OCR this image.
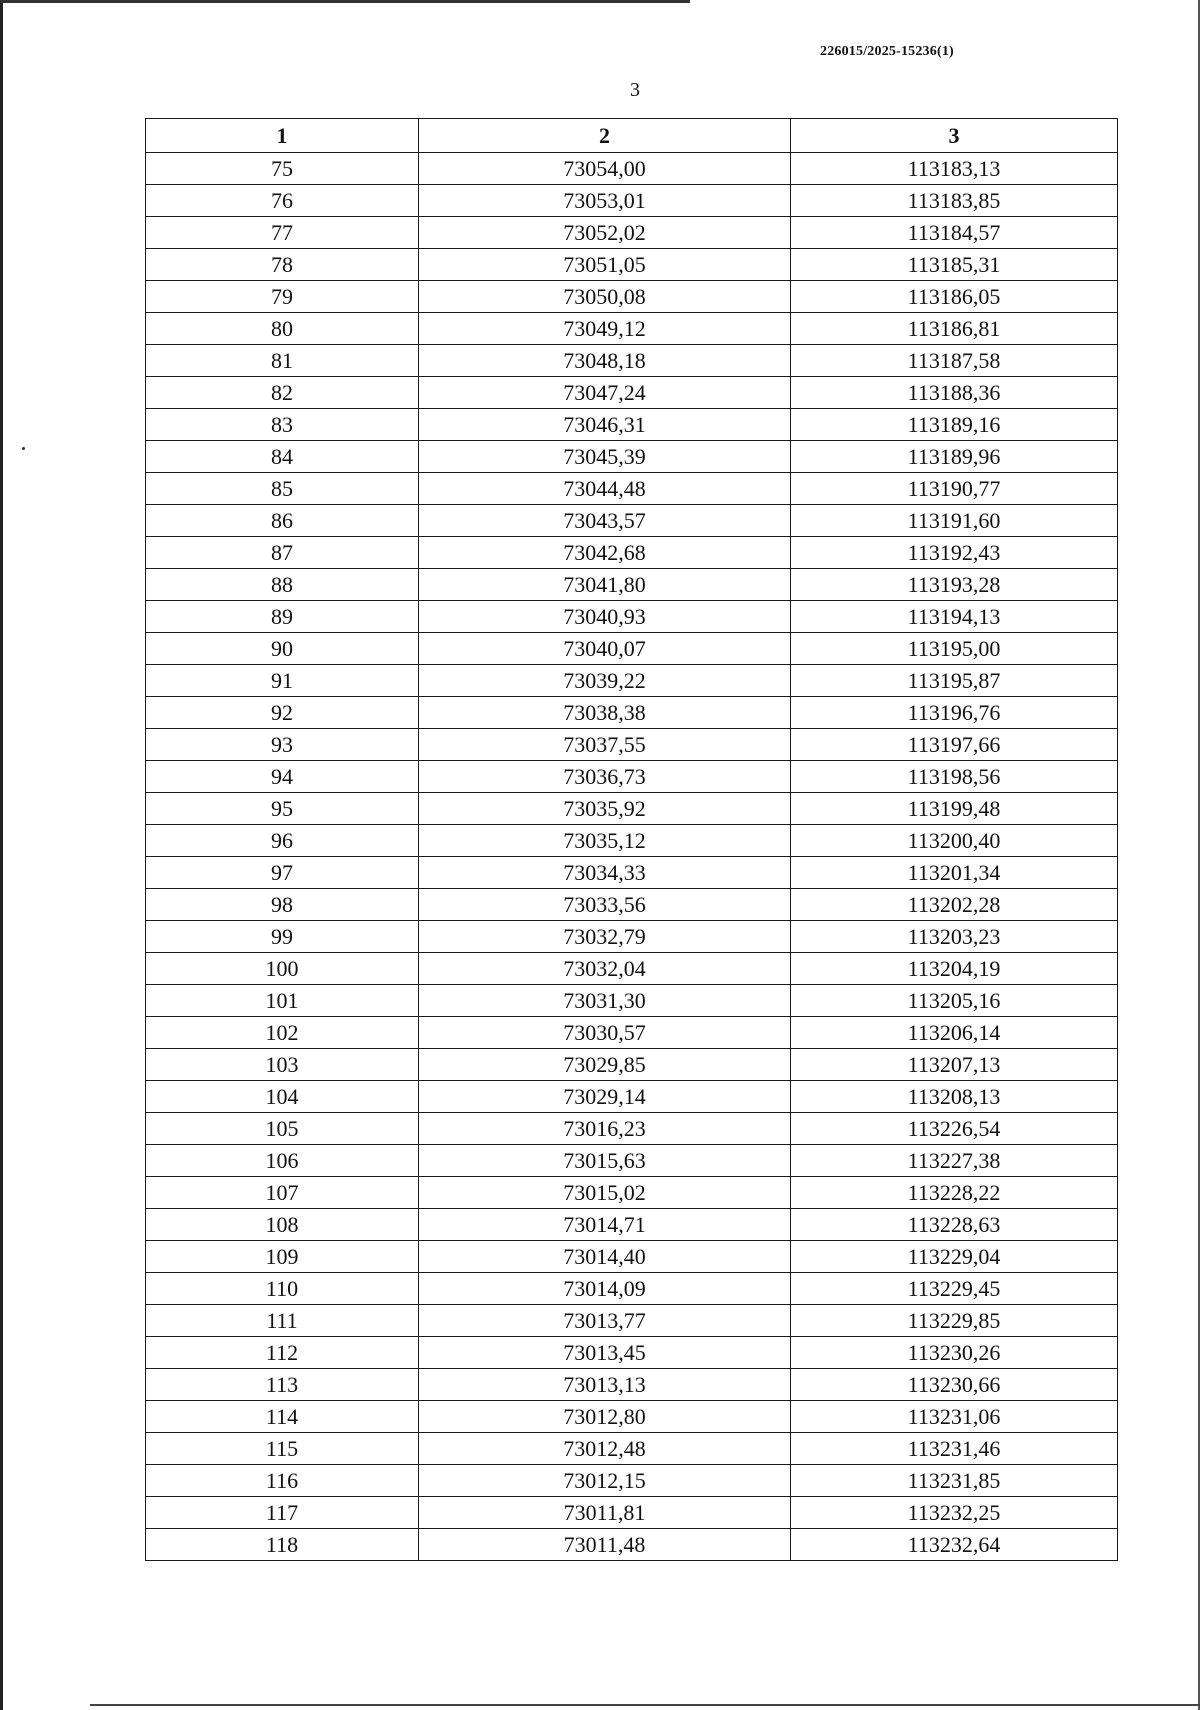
226015/2025-15236(1)
3
1	2	3
75	73054,00	113183,13
76	73053,01	113183,85
77	73052,02	113184,57
78	73051,05	113185,31
79	73050,08	113186,05
80	73049,12	113186,81
81	73048,18	113187,58
82	73047,24	113188,36
83	73046,31	113189,16
84	73045,39	113189,96
85	73044,48	113190,77
86	73043,57	113191,60
87	73042,68	113192,43
88	73041,80	113193,28
89	73040,93	113194,13
90	73040,07	113195,00
91	73039,22	113195,87
92	73038,38	113196,76
93	73037,55	113197,66
94	73036,73	113198,56
95	73035,92	113199,48
96	73035,12	113200,40
97	73034,33	113201,34
98	73033,56	113202,28
99	73032,79	113203,23
100	73032,04	113204,19
101	73031,30	113205,16
102	73030,57	113206,14
103	73029,85	113207,13
104	73029,14	113208,13
105	73016,23	113226,54
106	73015,63	113227,38
107	73015,02	113228,22
108	73014,71	113228,63
109	73014,40	113229,04
110	73014,09	113229,45
111	73013,77	113229,85
112	73013,45	113230,26
113	73013,13	113230,66
114	73012,80	113231,06
115	73012,48	113231,46
116	73012,15	113231,85
117	73011,81	113232,25
118	73011,48	113232,64
